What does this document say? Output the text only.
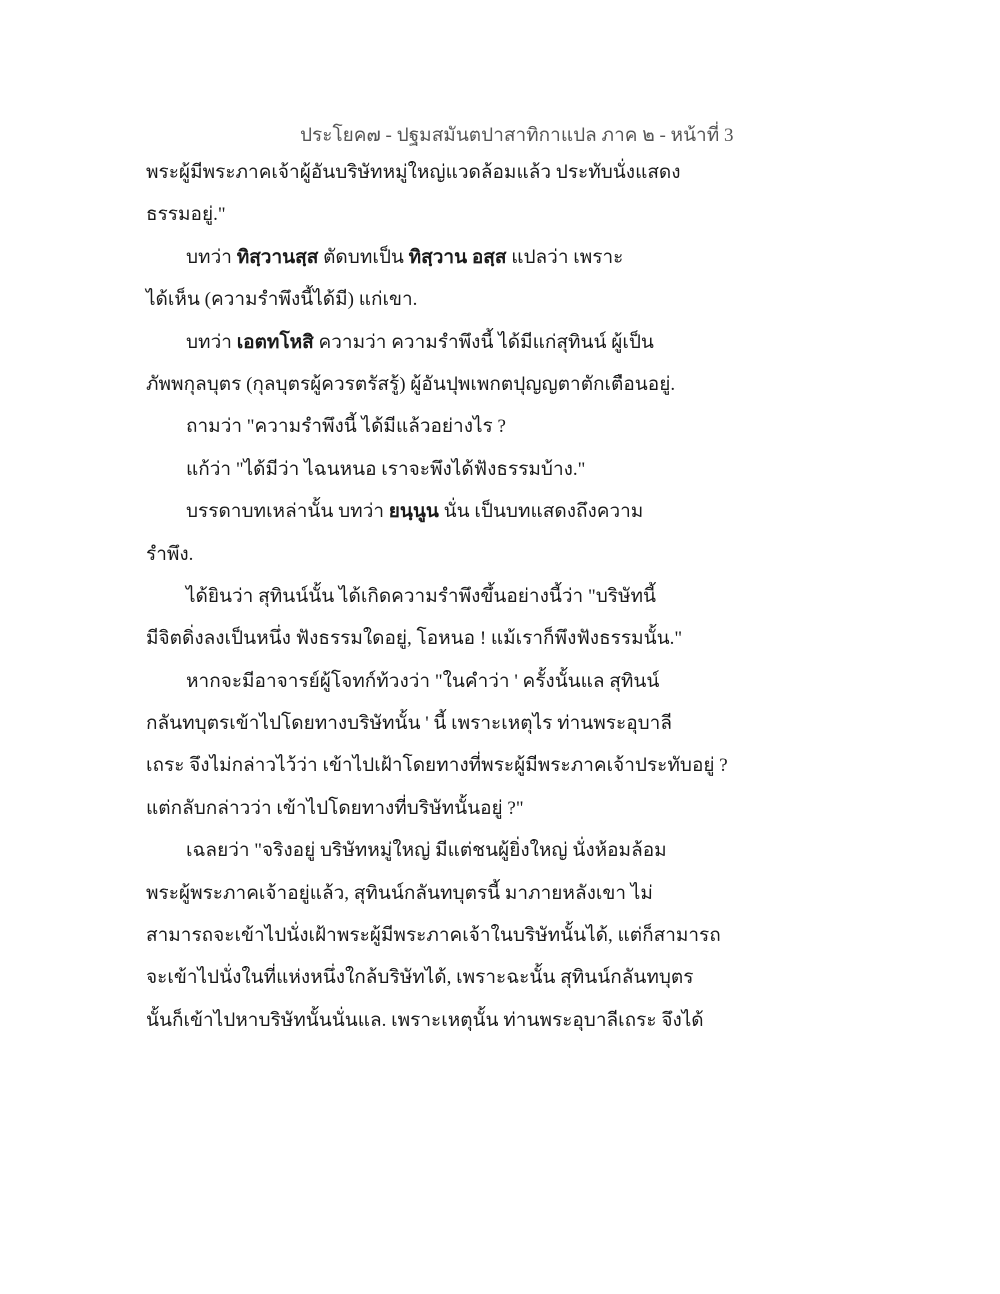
ประโยค๗ - ปฐมสมันตปาสาทิกาแปล ภาค ๒ - หน้าที่ 3
พระผู้มีพระภาคเจ้าผู้อันบริษัทหมู่ใหญ่แวดล้อมแล้ว ประทับนั่งแสดง
ธรรมอยู่."
บทว่า ทิสฺวานสฺส ตัดบทเป็น ทิสฺวาน อสฺส แปลว่า เพราะ
ได้เห็น (ความรำพึงนี้ได้มี) แก่เขา.
บทว่า เอตทโหสิ ความว่า ความรำพึงนี้ ได้มีแก่สุทินน์ ผู้เป็น
ภัพพกุลบุตร (กุลบุตรผู้ควรตรัสรู้) ผู้อันปุพเพกตปุญญตาตักเตือนอยู่.
ถามว่า "ความรำพึงนี้ ได้มีแล้วอย่างไร ?
แก้ว่า "ได้มีว่า ไฉนหนอ เราจะพึงได้ฟังธรรมบ้าง."
บรรดาบทเหล่านั้น บทว่า ยนฺนูน นั่น เป็นบทแสดงถึงความ
รำพึง.
ได้ยินว่า สุทินน์นั้น ได้เกิดความรำพึงขึ้นอย่างนี้ว่า "บริษัทนี้
มีจิตดิ่งลงเป็นหนึ่ง ฟังธรรมใดอยู่, โอหนอ ! แม้เราก็พึงฟังธรรมนั้น."
หากจะมีอาจารย์ผู้โจทก์ท้วงว่า "ในคำว่า ' ครั้งนั้นแล สุทินน์
กลันทบุตรเข้าไปโดยทางบริษัทนั้น ' นี้ เพราะเหตุไร ท่านพระอุบาลี
เถระ จึงไม่กล่าวไว้ว่า เข้าไปเฝ้าโดยทางที่พระผู้มีพระภาคเจ้าประทับอยู่ ?
แต่กลับกล่าวว่า เข้าไปโดยทางที่บริษัทนั้นอยู่ ?"
เฉลยว่า "จริงอยู่ บริษัทหมู่ใหญ่ มีแต่ชนผู้ยิ่งใหญ่ นั่งห้อมล้อม
พระผู้พระภาคเจ้าอยู่แล้ว, สุทินน์กลันทบุตรนี้ มาภายหลังเขา ไม่
สามารถจะเข้าไปนั่งเฝ้าพระผู้มีพระภาคเจ้าในบริษัทนั้นได้, แต่ก็สามารถ
จะเข้าไปนั่งในที่แห่งหนึ่งใกล้บริษัทได้, เพราะฉะนั้น สุทินน์กลันทบุตร
นั้นก็เข้าไปหาบริษัทนั้นนั่นแล. เพราะเหตุนั้น ท่านพระอุบาลีเถระ จึงได้
